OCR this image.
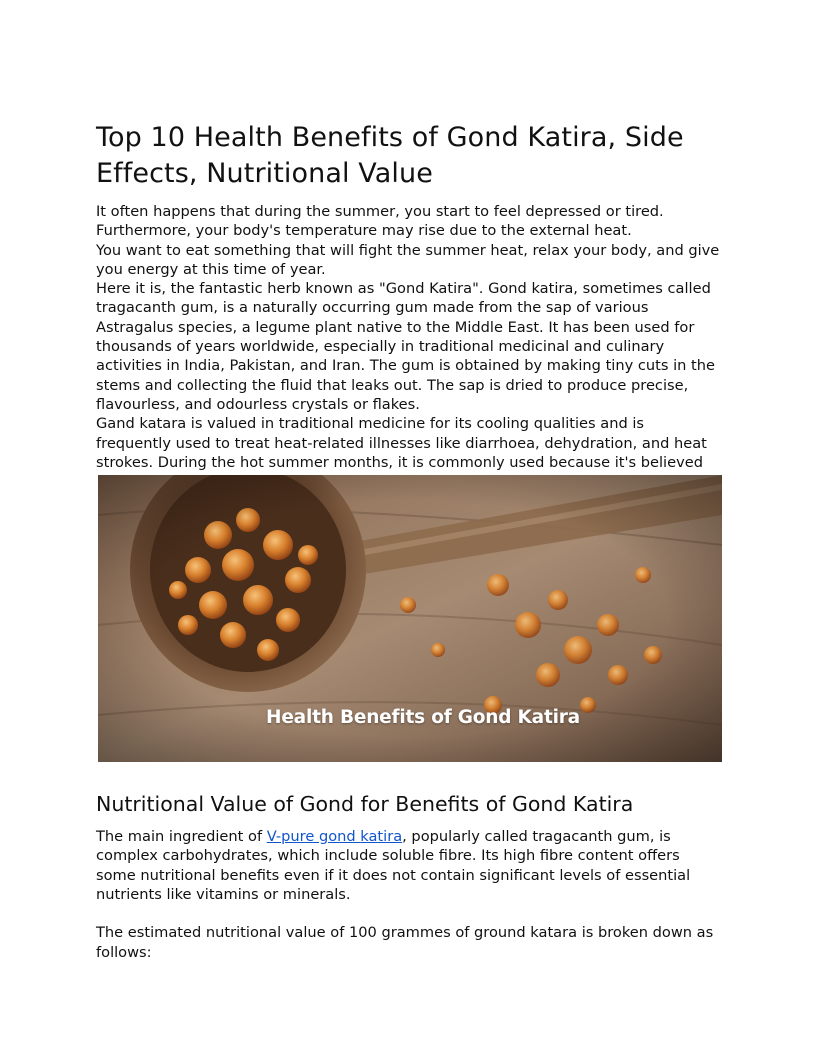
Top 10 Health Benefits of Gond Katira, Side Effects, Nutritional Value

It often happens that during the summer, you start to feel depressed or tired. Furthermore, your body's temperature may rise due to the external heat.

You want to eat something that will fight the summer heat, relax your body, and give you energy at this time of year.

Here it is, the fantastic herb known as "Gond Katira". Gond katira, sometimes called tragacanth gum, is a naturally occurring gum made from the sap of various Astragalus species, a legume plant native to the Middle East. It has been used for thousands of years worldwide, especially in traditional medicinal and culinary activities in India, Pakistan, and Iran. The gum is obtained by making tiny cuts in the stems and collecting the fluid that leaks out. The sap is dried to produce precise, flavourless, and odourless crystals or flakes.

Gand katara is valued in traditional medicine for its cooling qualities and is frequently used to treat heat-related illnesses like diarrhoea, dehydration, and heat strokes. During the hot summer months, it is commonly used because it's believed

Health Benefits of Gond Katira
Nutritional Value of Gond for Benefits of Gond Katira

The main ingredient of V-pure gond katira, popularly called tragacanth gum, is complex carbohydrates, which include soluble fibre. Its high fibre content offers some nutritional benefits even if it does not contain significant levels of essential nutrients like vitamins or minerals.

The estimated nutritional value of 100 grammes of ground katara is broken down as follows:
